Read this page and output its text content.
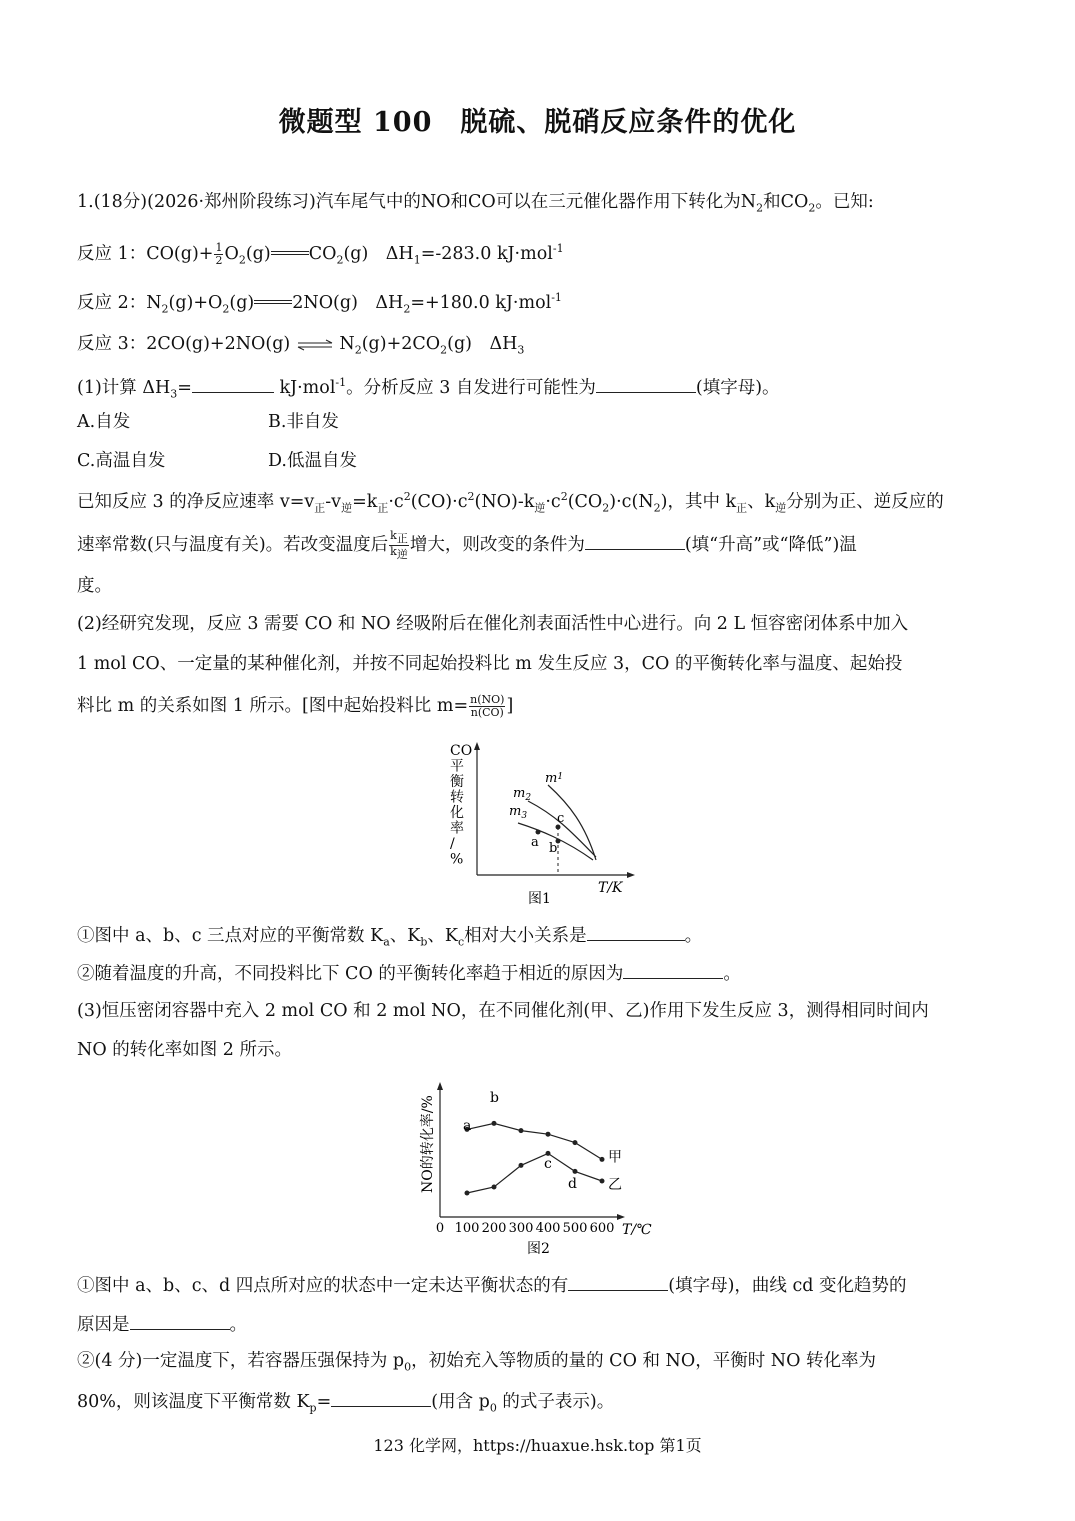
微题型 100　脱硫、脱硝反应条件的优化
1.(18分)(2026·郑州阶段练习)汽车尾气中的NO和CO可以在三元催化器作用下转化为$N_2$和$CO_2$。已知:
反应 1：$CO(g)+ \frac{1}{2} O_2(g)$ $CO_2(g)$　$\Delta H_1=-283.0$ kJ·mol$^{-1}$
反应 2：$N_2(g)+O_2(g)$ 2NO(g)　$\Delta H_2=+180.0$ kJ·mol$^{-1}$
反应 3：2CO(g)+2NO(g) ⇌ $N_2(g)+2CO_2(g)$　$\Delta H_3$
(1)计算 $\Delta H_3=$	kJ·mol$^{-1}$。分析反应 3 自发进行可能性为	(填字母)。
A.自发	B.非自发
C.高温自发	D.低温自发
已知反应 3 的净反应速率 $v=v_正-v_逆=k_正\cdot c^2(CO)\cdot c^2(NO)-k_逆\cdot c^2(CO_2)\cdot c(N_2)$，其中 $k_正$、$k_逆$分别为正、逆反应的
速率常数(只与温度有关)。若改变温度后 $\frac{k_正}{k_逆}$ 增大，则改变的条件为	(填“升高”或“降低”)温
度。
(2)经研究发现，反应 3 需要 CO 和 NO 经吸附后在催化剂表面活性中心进行。向 2 L 恒容密闭体系中加入
1 mol CO、一定量的某种催化剂，并按不同起始投料比 m 发生反应 3，CO 的平衡转化率与温度、起始投
料比 m 的关系如图 1 所示。[图中起始投料比 $m= \frac{n(NO)}{n(CO)}$ ]
CO
平
衡
转
化
率
/
%
T/K
图1
a b
c
$m^1$
$m_2$
$m_3$
①图中 a、b、c 三点对应的平衡常数 $K_a$、$K_b$、$K_c$相对大小关系是	。
②随着温度的升高，不同投料比下 CO 的平衡转化率趋于相近的原因为	。
(3)恒压密闭容器中充入 2 mol CO 和 2 mol NO，在不同催化剂(甲、乙)作用下发生反应 3，测得相同时间内
NO 的转化率如图 2 所示。
NO的转化率/%
0 100 200 300 400 500 600 T/℃
图2
甲
乙
a
b
c
d
①图中 a、b、c、d 四点所对应的状态中一定未达平衡状态的有	(填字母)，曲线 cd 变化趋势的
原因是	。
②(4 分)一定温度下，若容器压强保持为 $p_0$，初始充入等物质的量的 CO 和 NO，平衡时 NO 转化率为
80%，则该温度下平衡常数 $K_p=$	(用含 $p_0$ 的式子表示)。
123 化学网，https://huaxue.hsk.top 第1页
